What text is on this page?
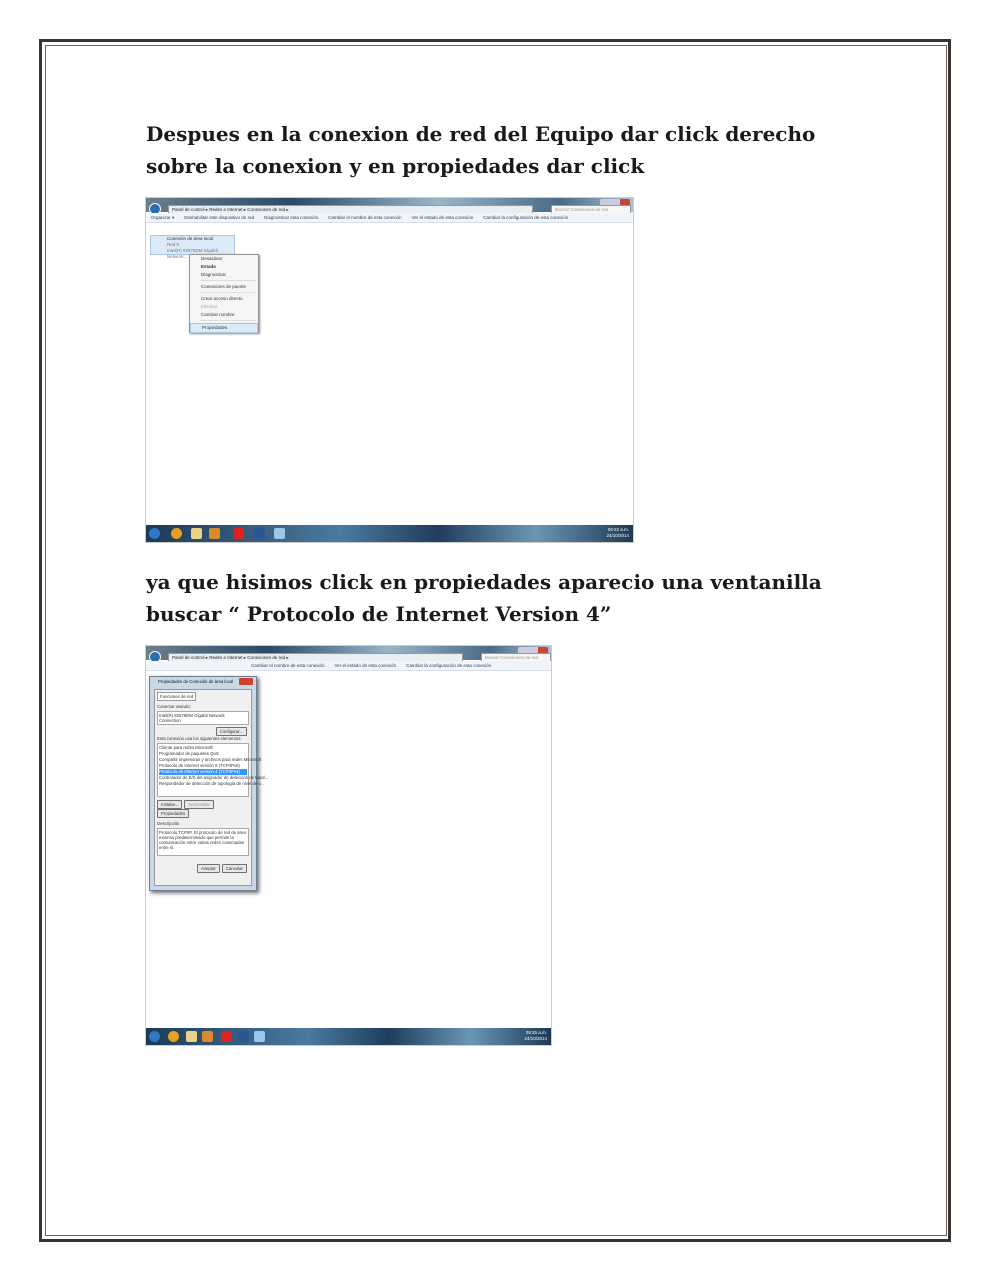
Despues en la conexion de red del Equipo dar click derecho
sobre la conexion y en propiedades dar click

Panel de control ▸ Redes e Internet ▸ Conexiones de red ▸	Buscar Conexiones de red
Organizar ▾ Deshabilitar este dispositivo de red Diagnosticar esta conexión Cambiar el nombre de esta conexión Ver el estado de esta conexión Cambiar la configuración de esta conexión
Conexión de área local
Red 5
Intel(R) 82579DM Gigabit Network...	Desactivar
Estado
Diagnosticar
Conexiones de puente
Crear acceso directo
Eliminar
Cambiar nombre
Propiedades
09:22 a.m.
24/10/2014

ya que hisimos click en propiedades aparecio una ventanilla
buscar “ Protocolo de Internet Version 4”

Panel de control ▸ Redes e Internet ▸ Conexiones de red ▸	Buscar Conexiones de red
Cambiar el nombre de esta conexión Ver el estado de esta conexión Cambiar la configuración de esta conexión
Propiedades de Conexión de área local
Funciones de red
Conectar usando:
Intel(R) 82579DM Gigabit Network Connection
Configurar...
Esta conexión usa los siguientes elementos:
Cliente para redes Microsoft
Programador de paquetes QoS
Compartir impresoras y archivos para redes Microsoft
Protocolo de Internet versión 6 (TCP/IPv6)
Protocolo de Internet versión 4 (TCP/IPv4)
Controlador de E/S del asignador de detección de topol...
Respondedor de detección de topología de nivel de v...
Instalar... DesinstalarPropiedades
Descripción
Protocolo TCP/IP. El protocolo de red de área extensa predeterminado que permite la comunicación entre varias redes conectadas entre sí.
Aceptar Cancelar
09:25 a.m.
24/10/2014
